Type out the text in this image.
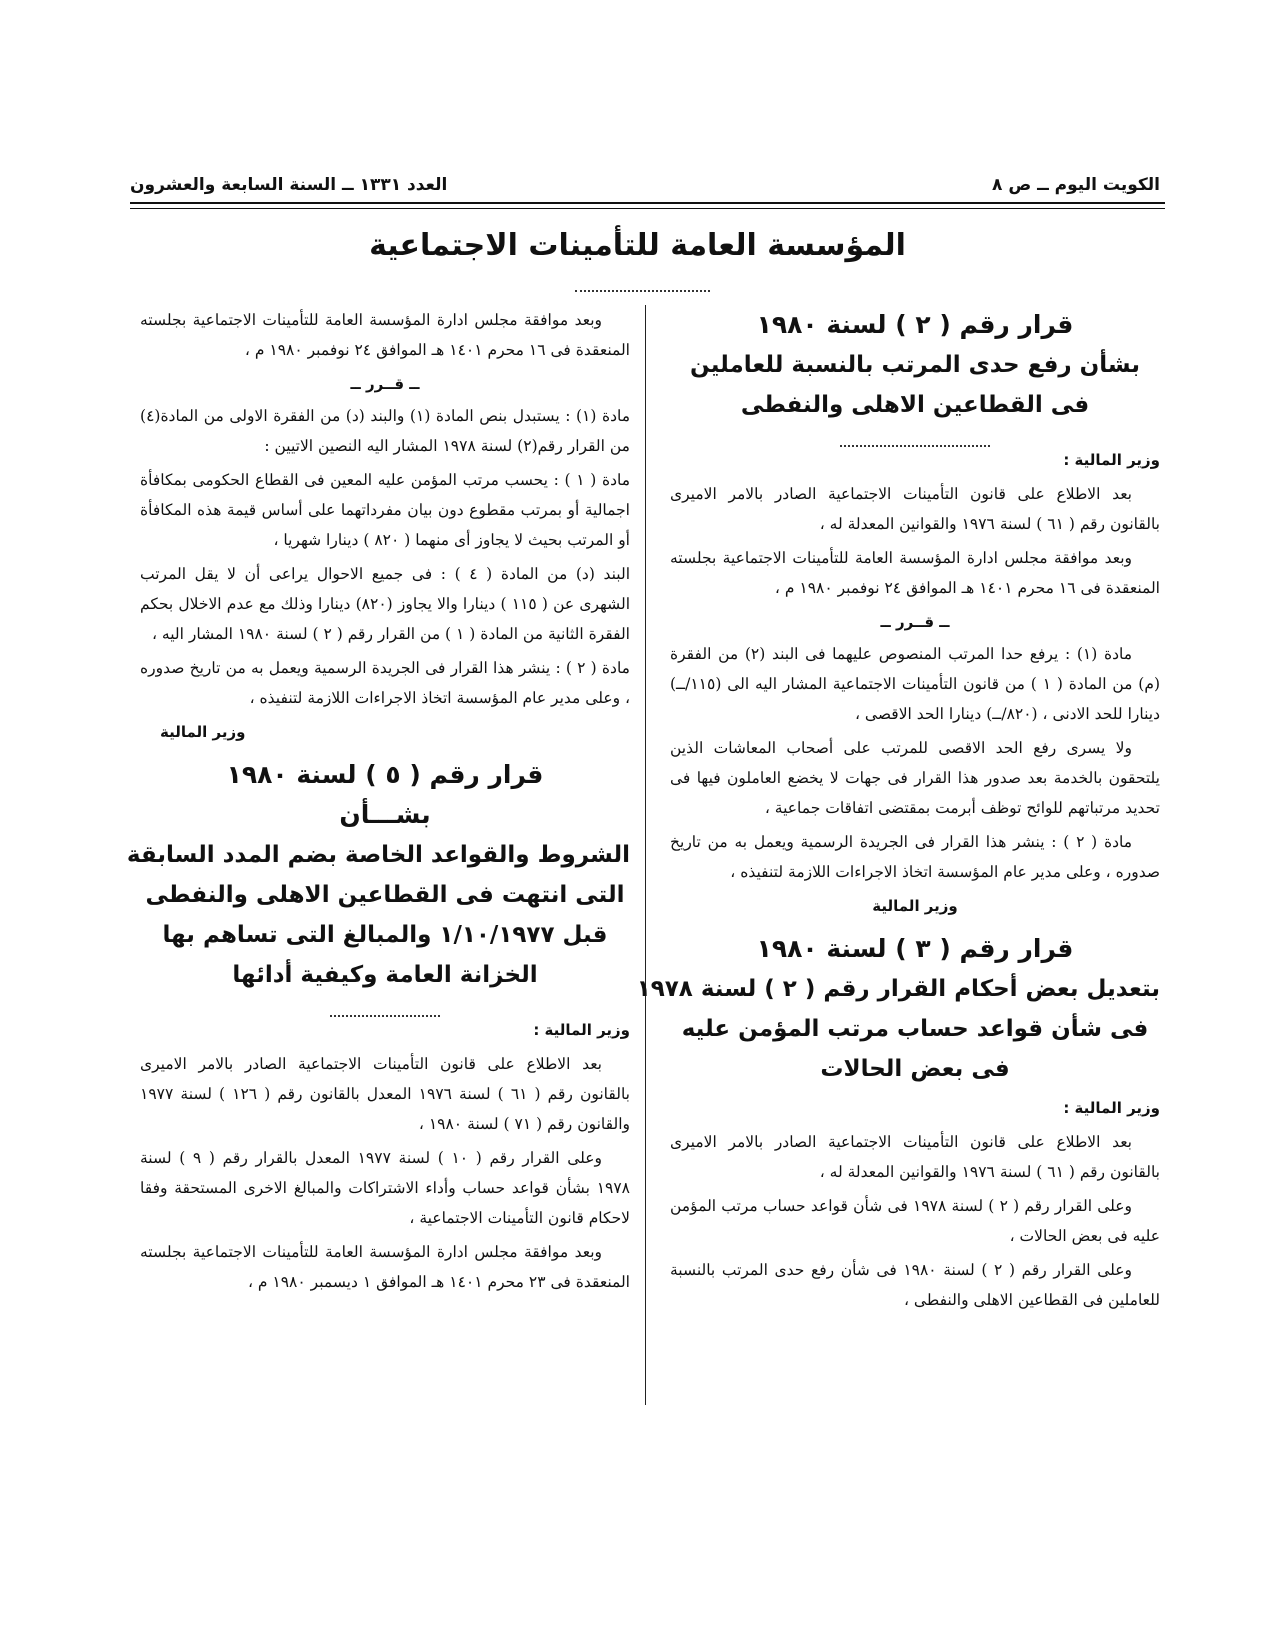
الكويت اليوم ــ ص ٨
العدد ١٣٣١ ــ السنة السابعة والعشرون
المؤسسة العامة للتأمينات الاجتماعية
قرار رقم ( ٢ ) لسنة ١٩٨٠
بشأن رفع حدى المرتب بالنسبة للعاملين
فى القطاعين الاهلى والنفطى
وزير المالية :

بعد الاطلاع على قانون التأمينات الاجتماعية الصادر بالامر الاميرى بالقانون رقم ( ٦١ ) لسنة ١٩٧٦ والقوانين المعدلة له ،

وبعد موافقة مجلس ادارة المؤسسة العامة للتأمينات الاجتماعية بجلسته المنعقدة فى ١٦ محرم ١٤٠١ هـ الموافق ٢٤ نوفمبر ١٩٨٠ م ،

ــ قــرر ــ

مادة (١) : يرفع حدا المرتب المنصوص عليهما فى البند (٢) من الفقرة (م) من المادة ( ١ ) من قانون التأمينات الاجتماعية المشار اليه الى (١١٥/ــ) دينارا للحد الادنى ، (٨٢٠/ــ) دينارا الحد الاقصى ،

ولا يسرى رفع الحد الاقصى للمرتب على أصحاب المعاشات الذين يلتحقون بالخدمة بعد صدور هذا القرار فى جهات لا يخضع العاملون فيها فى تحديد مرتباتهم للوائح توظف أبرمت بمقتضى اتفاقات جماعية ،

مادة ( ٢ ) : ينشر هذا القرار فى الجريدة الرسمية ويعمل به من تاريخ صدوره ، وعلى مدير عام المؤسسة اتخاذ الاجراءات اللازمة لتنفيذه ،

وزير المالية
قرار رقم ( ٣ ) لسنة ١٩٨٠
بتعديل بعض أحكام القرار رقم ( ٢ ) لسنة ١٩٧٨
فى شأن قواعد حساب مرتب المؤمن عليه
فى بعض الحالات
وزير المالية :

بعد الاطلاع على قانون التأمينات الاجتماعية الصادر بالامر الاميرى بالقانون رقم ( ٦١ ) لسنة ١٩٧٦ والقوانين المعدلة له ،

وعلى القرار رقم ( ٢ ) لسنة ١٩٧٨ فى شأن قواعد حساب مرتب المؤمن عليه فى بعض الحالات ،

وعلى القرار رقم ( ٢ ) لسنة ١٩٨٠ فى شأن رفع حدى المرتب بالنسبة للعاملين فى القطاعين الاهلى والنفطى ،

وبعد موافقة مجلس ادارة المؤسسة العامة للتأمينات الاجتماعية بجلسته المنعقدة فى ١٦ محرم ١٤٠١ هـ الموافق ٢٤ نوفمبر ١٩٨٠ م ،

ــ قــرر ــ

مادة (١) : يستبدل بنص المادة (١) والبند (د) من الفقرة الاولى من المادة(٤) من القرار رقم(٢) لسنة ١٩٧٨ المشار اليه النصين الاتيين :

مادة ( ١ ) : يحسب مرتب المؤمن عليه المعين فى القطاع الحكومى بمكافأة اجمالية أو بمرتب مقطوع دون بيان مفرداتهما على أساس قيمة هذه المكافأة أو المرتب بحيث لا يجاوز أى منهما ( ٨٢٠ ) دينارا شهريا ،

البند (د) من المادة ( ٤ ) : فى جميع الاحوال يراعى أن لا يقل المرتب الشهرى عن ( ١١٥ ) دينارا والا يجاوز (٨٢٠) دينارا وذلك مع عدم الاخلال بحكم الفقرة الثانية من المادة ( ١ ) من القرار رقم ( ٢ ) لسنة ١٩٨٠ المشار اليه ،

مادة ( ٢ ) : ينشر هذا القرار فى الجريدة الرسمية ويعمل به من تاريخ صدوره ، وعلى مدير عام المؤسسة اتخاذ الاجراءات اللازمة لتنفيذه ،

وزير المالية
قرار رقم ( ٥ ) لسنة ١٩٨٠
بشـــأن
الشروط والقواعد الخاصة بضم المدد السابقة
التى انتهت فى القطاعين الاهلى والنفطى
قبل ١/١٠/١٩٧٧ والمبالغ التى تساهم بها
الخزانة العامة وكيفية أدائها
وزير المالية :

بعد الاطلاع على قانون التأمينات الاجتماعية الصادر بالامر الاميرى بالقانون رقم ( ٦١ ) لسنة ١٩٧٦ المعدل بالقانون رقم ( ١٢٦ ) لسنة ١٩٧٧ والقانون رقم ( ٧١ ) لسنة ١٩٨٠ ،

وعلى القرار رقم ( ١٠ ) لسنة ١٩٧٧ المعدل بالقرار رقم ( ٩ ) لسنة ١٩٧٨ بشأن قواعد حساب وأداء الاشتراكات والمبالغ الاخرى المستحقة وفقا لاحكام قانون التأمينات الاجتماعية ،

وبعد موافقة مجلس ادارة المؤسسة العامة للتأمينات الاجتماعية بجلسته المنعقدة فى ٢٣ محرم ١٤٠١ هـ الموافق ١ ديسمبر ١٩٨٠ م ،
